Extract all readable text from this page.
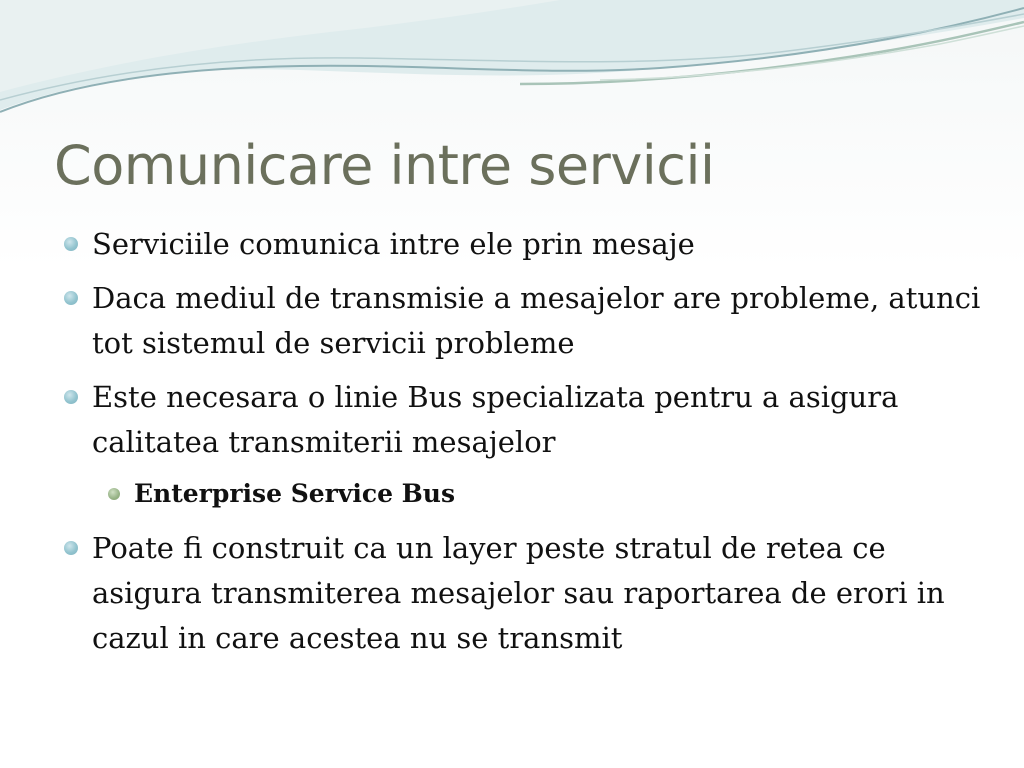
Comunicare intre servicii
Serviciile comunica intre ele prin mesaje
Daca mediul de transmisie a mesajelor are probleme, atunci tot sistemul de servicii probleme
Este necesara o linie Bus specializata pentru a asigura calitatea transmiterii mesajelor
Enterprise Service Bus
Poate fi construit ca un layer peste stratul de retea ce asigura transmiterea mesajelor sau raportarea de erori in cazul in care acestea nu se transmit
